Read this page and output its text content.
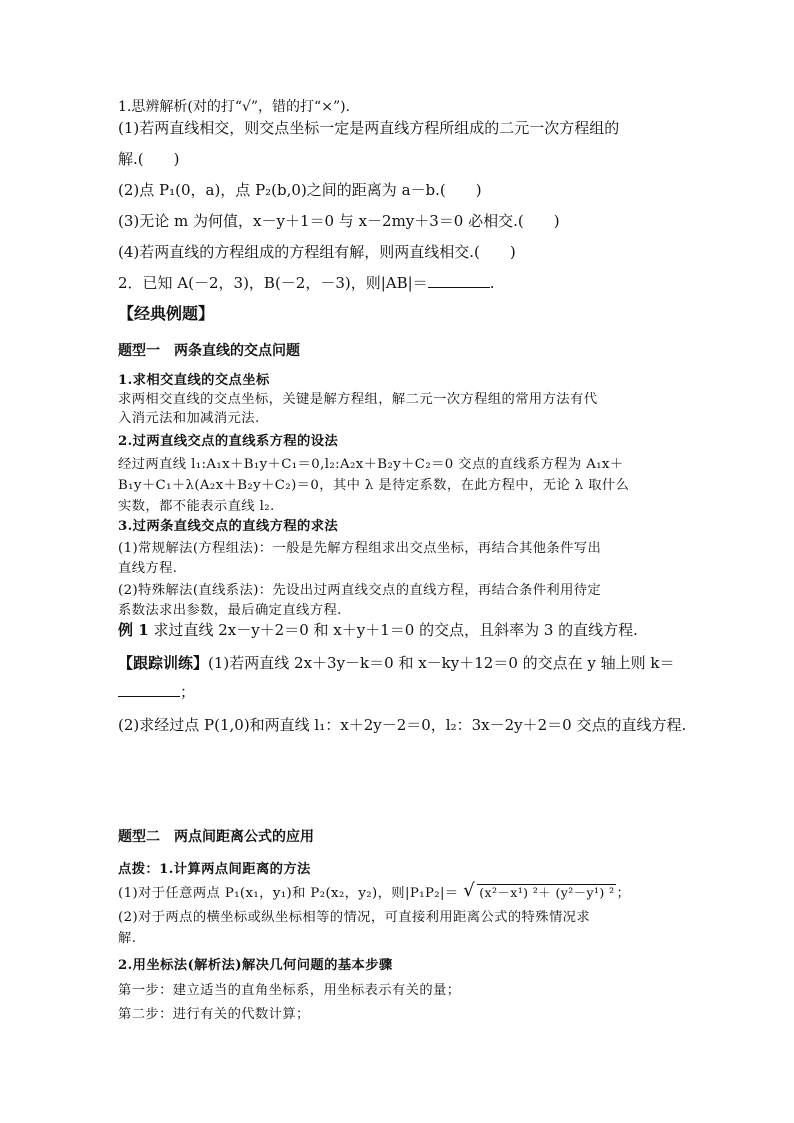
1.思辨解析(对的打“√”，错的打“×”).
(1)若两直线相交，则交点坐标一定是两直线方程所组成的二元一次方程组的
解.(　　)
(2)点 P₁(0，a)，点 P₂(b,0)之间的距离为 a－b.(　　)
(3)无论 m 为何值，x－y＋1＝0 与 x－2my＋3＝0 必相交.(　　)
(4)若两直线的方程组成的方程组有解，则两直线相交.(　　)
2．已知 A(－2，3)，B(－2，－3)，则|AB|＝	.
【经典例题】
题型一　两条直线的交点问题
1.求相交直线的交点坐标
求两相交直线的交点坐标，关键是解方程组，解二元一次方程组的常用方法有代
入消元法和加减消元法.
2.过两直线交点的直线系方程的设法
经过两直线 l₁:A₁x＋B₁y＋C₁＝0,l₂:A₂x＋B₂y＋C₂＝0 交点的直线系方程为 A₁x＋
B₁y＋C₁＋λ(A₂x＋B₂y＋C₂)＝0，其中 λ 是待定系数，在此方程中，无论 λ 取什么
实数，都不能表示直线 l₂.
3.过两条直线交点的直线方程的求法
(1)常规解法(方程组法)：一般是先解方程组求出交点坐标，再结合其他条件写出
直线方程.
(2)特殊解法(直线系法)：先设出过两直线交点的直线方程，再结合条件利用待定
系数法求出参数，最后确定直线方程.
例 1 求过直线 2x－y＋2＝0 和 x＋y＋1＝0 的交点，且斜率为 3 的直线方程.
【跟踪训练】(1)若两直线 2x＋3y－k＝0 和 x－ky＋12＝0 的交点在 y 轴上则 k＝
；
(2)求经过点 P(1,0)和两直线 l₁：x＋2y－2＝0，l₂：3x－2y＋2＝0 交点的直线方程.
题型二　两点间距离公式的应用
点拨：1.计算两点间距离的方法
(1)对于任意两点 P₁(x₁，y₁)和 P₂(x₂，y₂)，则|P₁P₂|＝ √ (x²－x¹) ²＋ (y²－y¹) ² ；
(2)对于两点的横坐标或纵坐标相等的情况，可直接利用距离公式的特殊情况求
解.
2.用坐标法(解析法)解决几何问题的基本步骤
第一步：建立适当的直角坐标系，用坐标表示有关的量；
第二步：进行有关的代数计算；
